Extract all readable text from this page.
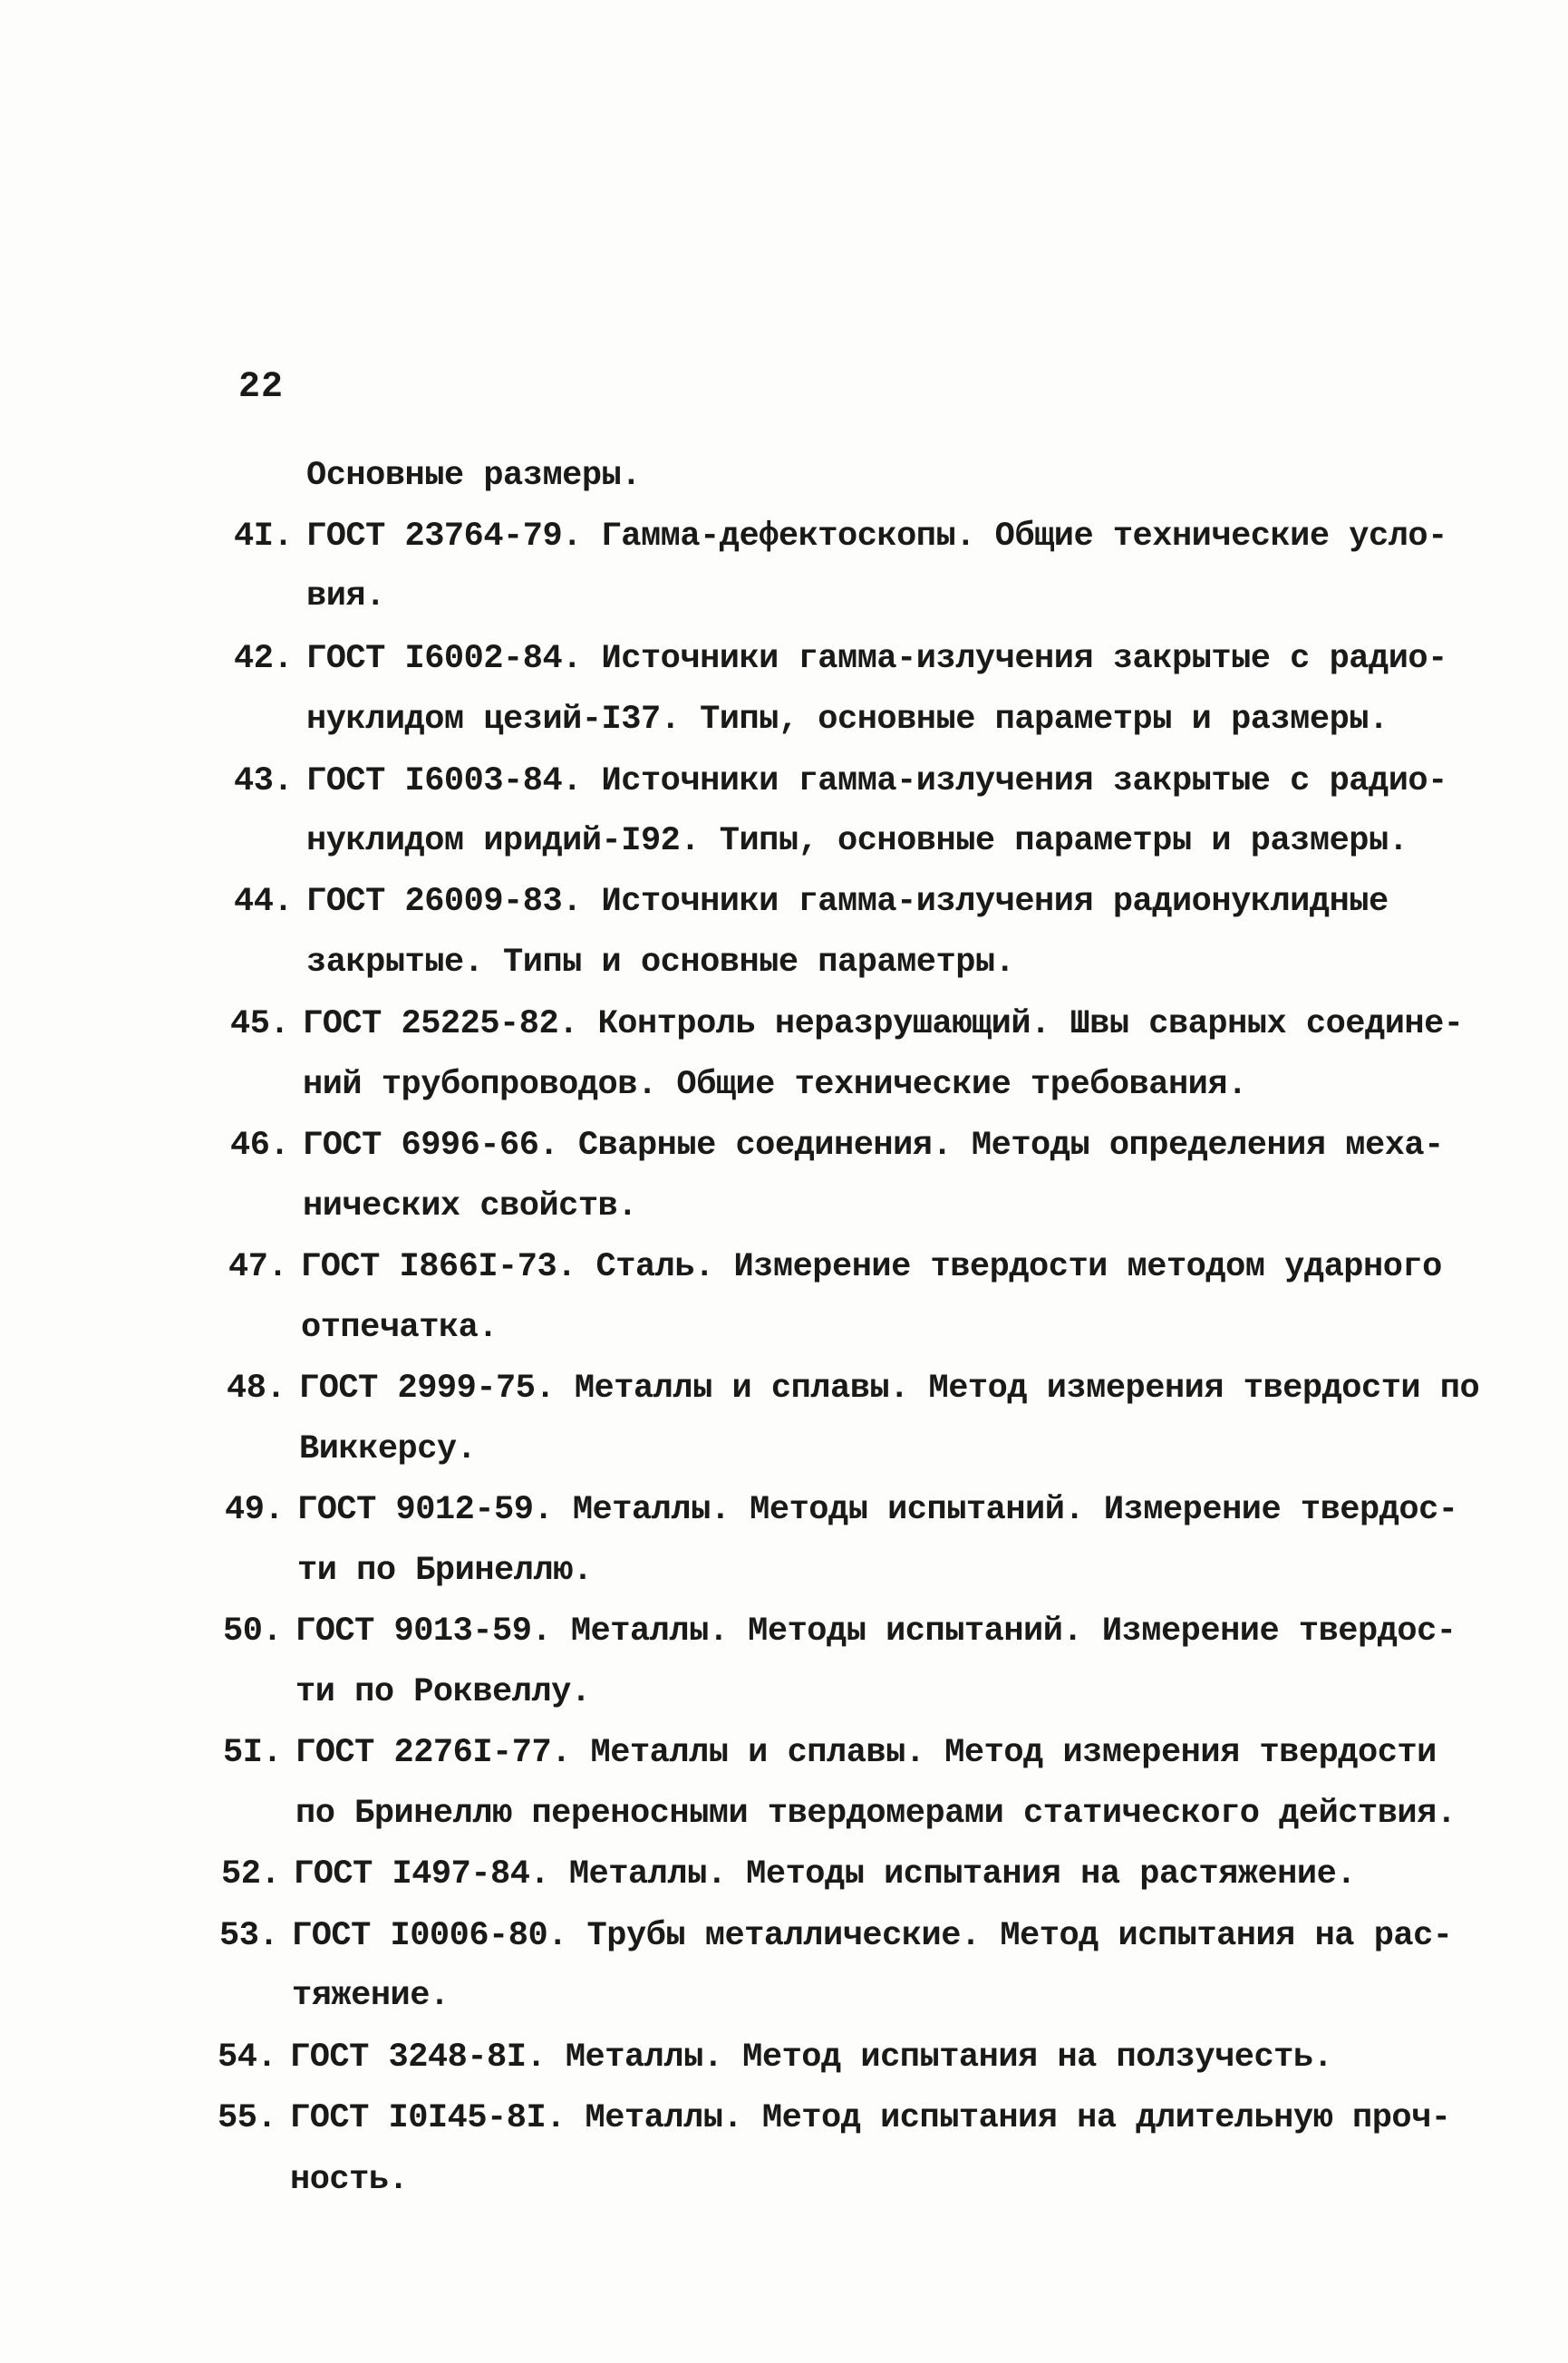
22
Основные размеры.
4I. ГОСТ 23764-79. Гамма-дефектоскопы. Общие технические усло-
вия.
42. ГОСТ I6002-84. Источники гамма-излучения закрытые с радио-
нуклидом цезий-I37. Типы, основные параметры и размеры.
43. ГОСТ I6003-84. Источники гамма-излучения закрытые с радио-
нуклидом иридий-I92. Типы, основные параметры и размеры.
44. ГОСТ 26009-83. Источники гамма-излучения радионуклидные
закрытые. Типы и основные параметры.
45. ГОСТ 25225-82. Контроль неразрушающий. Швы сварных соедине-
ний трубопроводов. Общие технические требования.
46. ГОСТ 6996-66. Сварные соединения. Методы определения меха-
нических свойств.
47. ГОСТ I866I-73. Сталь. Измерение твердости методом ударного
отпечатка.
48. ГОСТ 2999-75. Металлы и сплавы. Метод измерения твердости по
Виккерсу.
49. ГОСТ 9012-59. Металлы. Методы испытаний. Измерение твердос-
ти по Бринеллю.
50. ГОСТ 9013-59. Металлы. Методы испытаний. Измерение твердос-
ти по Роквеллу.
5I. ГОСТ 2276I-77. Металлы и сплавы. Метод измерения твердости
по Бринеллю переносными твердомерами статического действия.
52. ГОСТ I497-84. Металлы. Методы испытания на растяжение.
53. ГОСТ I0006-80. Трубы металлические. Метод испытания на рас-
тяжение.
54. ГОСТ 3248-8I. Металлы. Метод испытания на ползучесть.
55. ГОСТ I0I45-8I. Металлы. Метод испытания на длительную проч-
ность.
